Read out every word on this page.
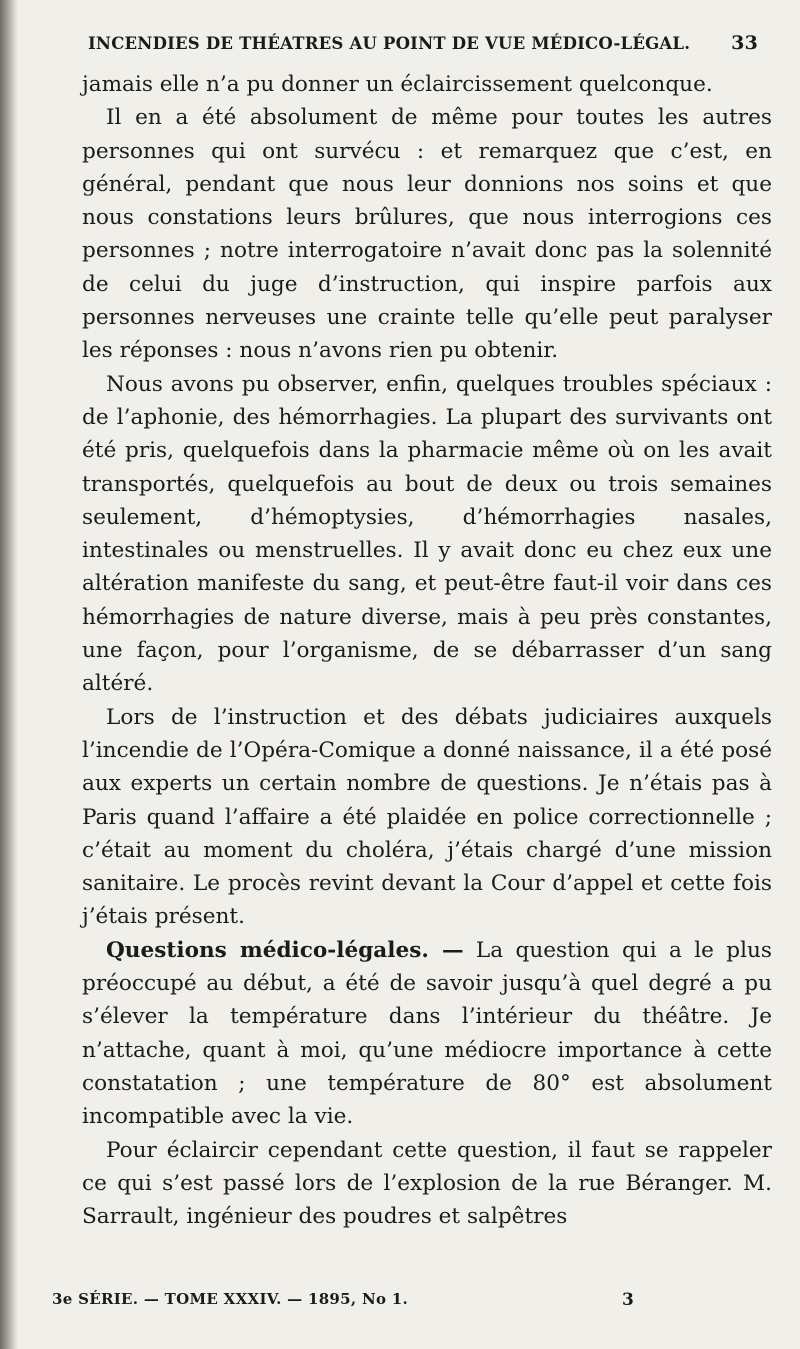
INCENDIES DE THÉATRES AU POINT DE VUE MÉDICO-LÉGAL. 33

jamais elle n’a pu donner un éclaircissement quelconque.

Il en a été absolument de même pour toutes les autres personnes qui ont survécu : et remarquez que c’est, en général, pendant que nous leur donnions nos soins et que nous constations leurs brûlures, que nous interrogions ces personnes ; notre interrogatoire n’avait donc pas la solennité de celui du juge d’instruction, qui inspire parfois aux personnes nerveuses une crainte telle qu’elle peut paralyser les réponses : nous n’avons rien pu obtenir.

Nous avons pu observer, enfin, quelques troubles spéciaux : de l’aphonie, des hémorrhagies. La plupart des survivants ont été pris, quelquefois dans la pharmacie même où on les avait transportés, quelquefois au bout de deux ou trois semaines seulement, d’hémoptysies, d’hémorrhagies nasales, intestinales ou menstruelles. Il y avait donc eu chez eux une altération manifeste du sang, et peut-être faut-il voir dans ces hémorrhagies de nature diverse, mais à peu près constantes, une façon, pour l’organisme, de se débarrasser d’un sang altéré.

Lors de l’instruction et des débats judiciaires auxquels l’incendie de l’Opéra-Comique a donné naissance, il a été posé aux experts un certain nombre de questions. Je n’étais pas à Paris quand l’affaire a été plaidée en police correctionnelle ; c’était au moment du choléra, j’étais chargé d’une mission sanitaire. Le procès revint devant la Cour d’appel et cette fois j’étais présent.

Questions médico-légales. — La question qui a le plus préoccupé au début, a été de savoir jusqu’à quel degré a pu s’élever la température dans l’intérieur du théâtre. Je n’attache, quant à moi, qu’une médiocre importance à cette constatation ; une température de 80° est absolument incompatible avec la vie.

Pour éclaircir cependant cette question, il faut se rappeler ce qui s’est passé lors de l’explosion de la rue Béranger. M. Sarrault, ingénieur des poudres et salpêtres

3e SÉRIE. — TOME XXXIV. — 1895, No 1.	3
